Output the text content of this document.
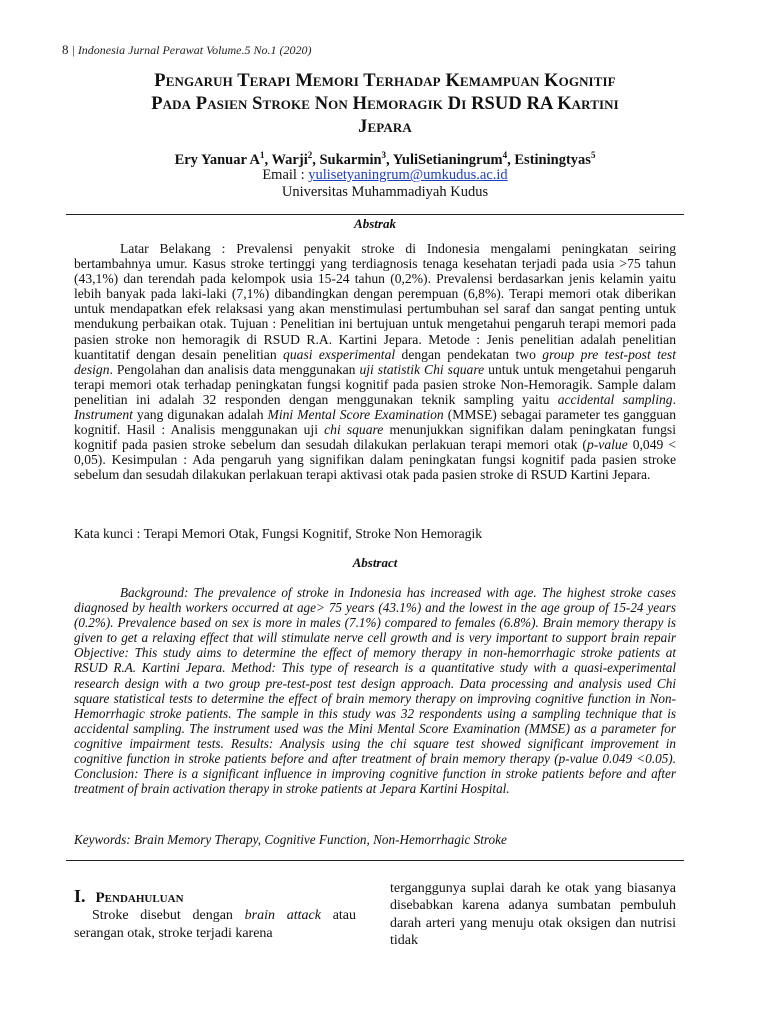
8 | Indonesia Jurnal Perawat Volume.5 No.1 (2020)
Pengaruh Terapi Memori Terhadap Kemampuan Kognitif
Pada Pasien Stroke Non Hemoragik Di RSUD RA Kartini
Jepara
Ery Yanuar $A^1$, Warji$^2$, Sukarmin$^3$, YuliSetianingrum$^4$, Estiningtyas$^5$
Email : yulisetyaningrum@umkudus.ac.id
Universitas Muhammadiyah Kudus
Abstrak
Latar Belakang : Prevalensi penyakit stroke di Indonesia mengalami peningkatan seiring bertambahnya umur. Kasus stroke tertinggi yang terdiagnosis tenaga kesehatan terjadi pada usia >75 tahun (43,1%) dan terendah pada kelompok usia 15-24 tahun (0,2%). Prevalensi berdasarkan jenis kelamin yaitu lebih banyak pada laki-laki (7,1%) dibandingkan dengan perempuan (6,8%). Terapi memori otak diberikan untuk mendapatkan efek relaksasi yang akan menstimulasi pertumbuhan sel saraf dan sangat penting untuk mendukung perbaikan otak. Tujuan : Penelitian ini bertujuan untuk mengetahui pengaruh terapi memori pada pasien stroke non hemoragik di RSUD R.A. Kartini Jepara. Metode : Jenis penelitian adalah penelitian kuantitatif dengan desain penelitian quasi exsperimental dengan pendekatan two group pre test-post test design. Pengolahan dan analisis data menggunakan uji statistik Chi square untuk untuk mengetahui pengaruh terapi memori otak terhadap peningkatan fungsi kognitif pada pasien stroke Non-Hemoragik. Sample dalam penelitian ini adalah 32 responden dengan menggunakan teknik sampling yaitu accidental sampling. Instrument yang digunakan adalah Mini Mental Score Examination (MMSE) sebagai parameter tes gangguan kognitif. Hasil : Analisis menggunakan uji chi square menunjukkan signifikan dalam peningkatan fungsi kognitif pada pasien stroke sebelum dan sesudah dilakukan perlakuan terapi memori otak (p-value 0,049 < 0,05). Kesimpulan : Ada pengaruh yang signifikan dalam peningkatan fungsi kognitif pada pasien stroke sebelum dan sesudah dilakukan perlakuan terapi aktivasi otak pada pasien stroke di RSUD Kartini Jepara.
Kata kunci : Terapi Memori Otak, Fungsi Kognitif, Stroke Non Hemoragik
Abstract
Background: The prevalence of stroke in Indonesia has increased with age. The highest stroke cases diagnosed by health workers occurred at age> 75 years (43.1%) and the lowest in the age group of 15-24 years (0.2%). Prevalence based on sex is more in males (7.1%) compared to females (6.8%). Brain memory therapy is given to get a relaxing effect that will stimulate nerve cell growth and is very important to support brain repair Objective: This study aims to determine the effect of memory therapy in non-hemorrhagic stroke patients at RSUD R.A. Kartini Jepara. Method: This type of research is a quantitative study with a quasi-experimental research design with a two group pre-test-post test design approach. Data processing and analysis used Chi square statistical tests to determine the effect of brain memory therapy on improving cognitive function in Non-Hemorrhagic stroke patients. The sample in this study was 32 respondents using a sampling technique that is accidental sampling. The instrument used was the Mini Mental Score Examination (MMSE) as a parameter for cognitive impairment tests. Results: Analysis using the chi square test showed significant improvement in cognitive function in stroke patients before and after treatment of brain memory therapy (p-value 0.049 <0.05). Conclusion: There is a significant influence in improving cognitive function in stroke patients before and after treatment of brain activation therapy in stroke patients at Jepara Kartini Hospital.
Keywords: Brain Memory Therapy, Cognitive Function, Non-Hemorrhagic Stroke
I. Pendahuluan
Stroke disebut dengan brain attack atau serangan otak, stroke terjadi karena
terganggunya suplai darah ke otak yang biasanya disebabkan karena adanya sumbatan pembuluh darah arteri yang menuju otak oksigen dan nutrisi tidak
